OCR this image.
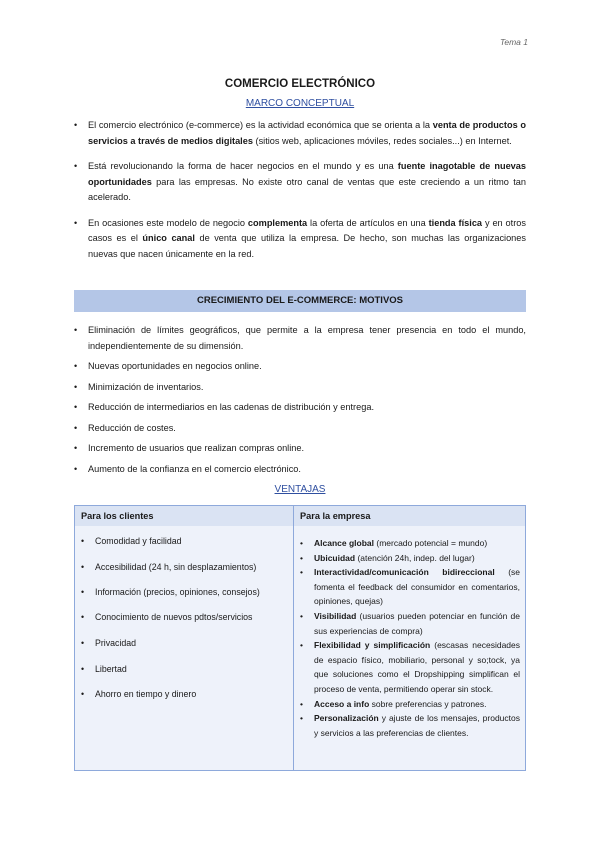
Tema 1
COMERCIO ELECTRÓNICO
MARCO CONCEPTUAL
• El comercio electrónico (e-commerce) es la actividad económica que se orienta a la venta de productos o servicios a través de medios digitales (sitios web, aplicaciones móviles, redes sociales...) en Internet.
• Está revolucionando la forma de hacer negocios en el mundo y es una fuente inagotable de nuevas oportunidades para las empresas. No existe otro canal de ventas que este creciendo a un ritmo tan acelerado.
• En ocasiones este modelo de negocio complementa la oferta de artículos en una tienda física y en otros casos es el único canal de venta que utiliza la empresa. De hecho, son muchas las organizaciones nuevas que nacen únicamente en la red.
CRECIMIENTO DEL E-COMMERCE: MOTIVOS
• Eliminación de límites geográficos, que permite a la empresa tener presencia en todo el mundo, independientemente de su dimensión.
• Nuevas oportunidades en negocios online.
• Minimización de inventarios.
• Reducción de intermediarios en las cadenas de distribución y entrega.
• Reducción de costes.
• Incremento de usuarios que realizan compras online.
• Aumento de la confianza en el comercio electrónico.
VENTAJAS
Para los clientes	Para la empresa
• Comodidad y facilidad
• Accesibilidad (24 h, sin desplazamientos)
• Información (precios, opiniones, consejos)
• Conocimiento de nuevos pdtos/servicios
• Privacidad
• Libertad
• Ahorro en tiempo y dinero
• Alcance global (mercado potencial = mundo)
• Ubicuidad (atención 24h, indep. del lugar)
• Interactividad/comunicación bidireccional (se fomenta el feedback del consumidor en comentarios, opiniones, quejas)
• Visibilidad (usuarios pueden potenciar en función de sus experiencias de compra)
• Flexibilidad y simplificación (escasas necesidades de espacio físico, mobiliario, personal y so;tock, ya que soluciones como el Dropshipping simplifican el proceso de venta, permitiendo operar sin stock.
• Acceso a info sobre preferencias y patrones.
• Personalización y ajuste de los mensajes, productos y servicios a las preferencias de clientes.
